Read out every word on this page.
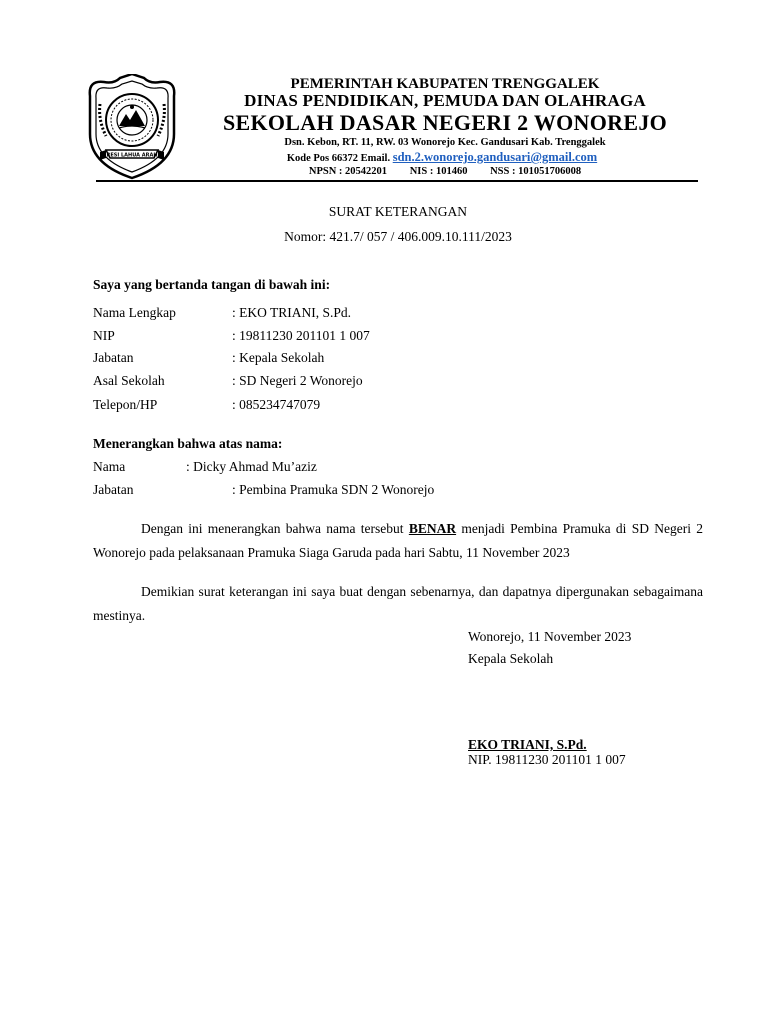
RESI LAHUA ARAH
PEMERINTAH KABUPATEN TRENGGALEK
DINAS PENDIDIKAN, PEMUDA DAN OLAHRAGA
SEKOLAH DASAR NEGERI 2 WONOREJO
Dsn. Kebon, RT. 11, RW. 03 Wonorejo Kec. Gandusari Kab. Trenggalek
Kode Pos 66372 Email. sdn.2.wonorejo.gandusari@gmail.com
NPSN : 20542201 NIS : 101460 NSS : 101051706008
SURAT KETERANGAN
Nomor: 421.7/ 057 / 406.009.10.111/2023
Saya yang bertanda tangan di bawah ini:
Nama Lengkap	: EKO TRIANI, S.Pd.
NIP	: 19811230 201101 1 007
Jabatan	: Kepala Sekolah
Asal Sekolah	: SD Negeri 2 Wonorejo
Telepon/HP	: 085234747079
Menerangkan bahwa atas nama:
Nama	: Dicky Ahmad Mu’aziz
Jabatan	: Pembina Pramuka SDN 2 Wonorejo
Dengan ini menerangkan bahwa nama tersebut BENAR menjadi Pembina Pramuka di SD Negeri 2 Wonorejo pada pelaksanaan Pramuka Siaga Garuda pada hari Sabtu, 11 November 2023
Demikian surat keterangan ini saya buat dengan sebenarnya, dan dapatnya dipergunakan sebagaimana mestinya.
Wonorejo, 11 November 2023
Kepala Sekolah
EKO TRIANI, S.Pd.
NIP. 19811230 201101 1 007
